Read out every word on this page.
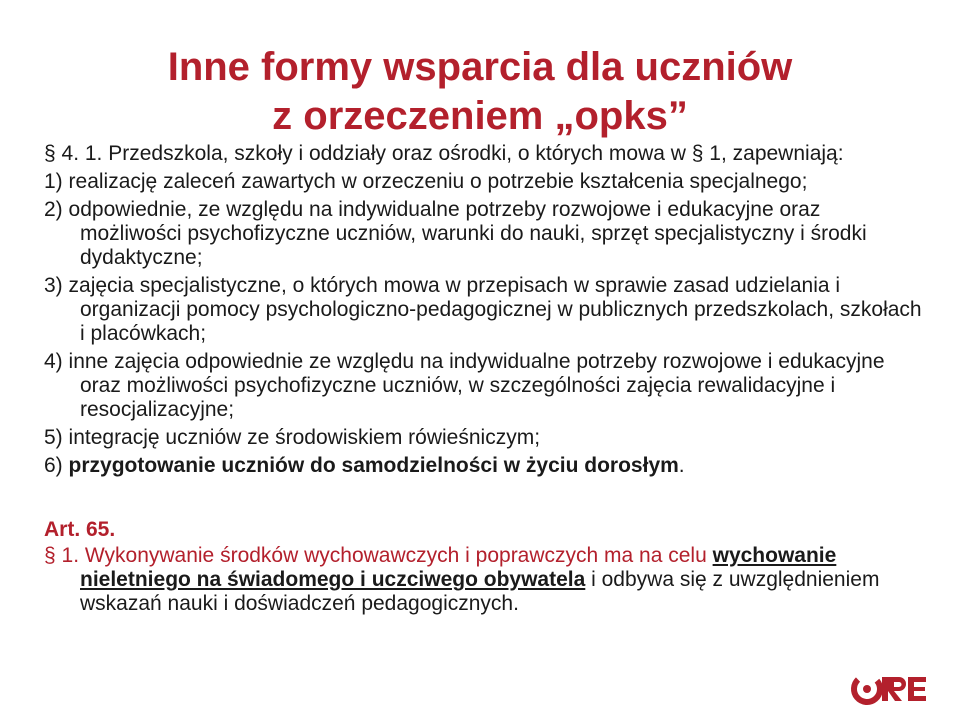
Inne formy wsparcia dla uczniów
z orzeczeniem „opks”

§ 4. 1. Przedszkola, szkoły i oddziały oraz ośrodki, o których mowa w § 1, zapewniają:

1) realizację zaleceń zawartych w orzeczeniu o potrzebie kształcenia specjalnego;

2) odpowiednie, ze względu na indywidualne potrzeby rozwojowe i edukacyjne oraz możliwości psychofizyczne uczniów, warunki do nauki, sprzęt specjalistyczny i środki dydaktyczne;

3) zajęcia specjalistyczne, o których mowa w przepisach w sprawie zasad udzielania i organizacji pomocy psychologiczno-pedagogicznej w publicznych przedszkolach, szkołach i placówkach;

4) inne zajęcia odpowiednie ze względu na indywidualne potrzeby rozwojowe i edukacyjne oraz możliwości psychofizyczne uczniów, w szczególności zajęcia rewalidacyjne i resocjalizacyjne;

5) integrację uczniów ze środowiskiem rówieśniczym;

6) przygotowanie uczniów do samodzielności w życiu dorosłym.

Art. 65.

§ 1. Wykonywanie środków wychowawczych i poprawczych ma na celu wychowanie nieletniego na świadomego i uczciwego obywatela i odbywa się z uwzględnieniem wskazań nauki i doświadczeń pedagogicznych.
